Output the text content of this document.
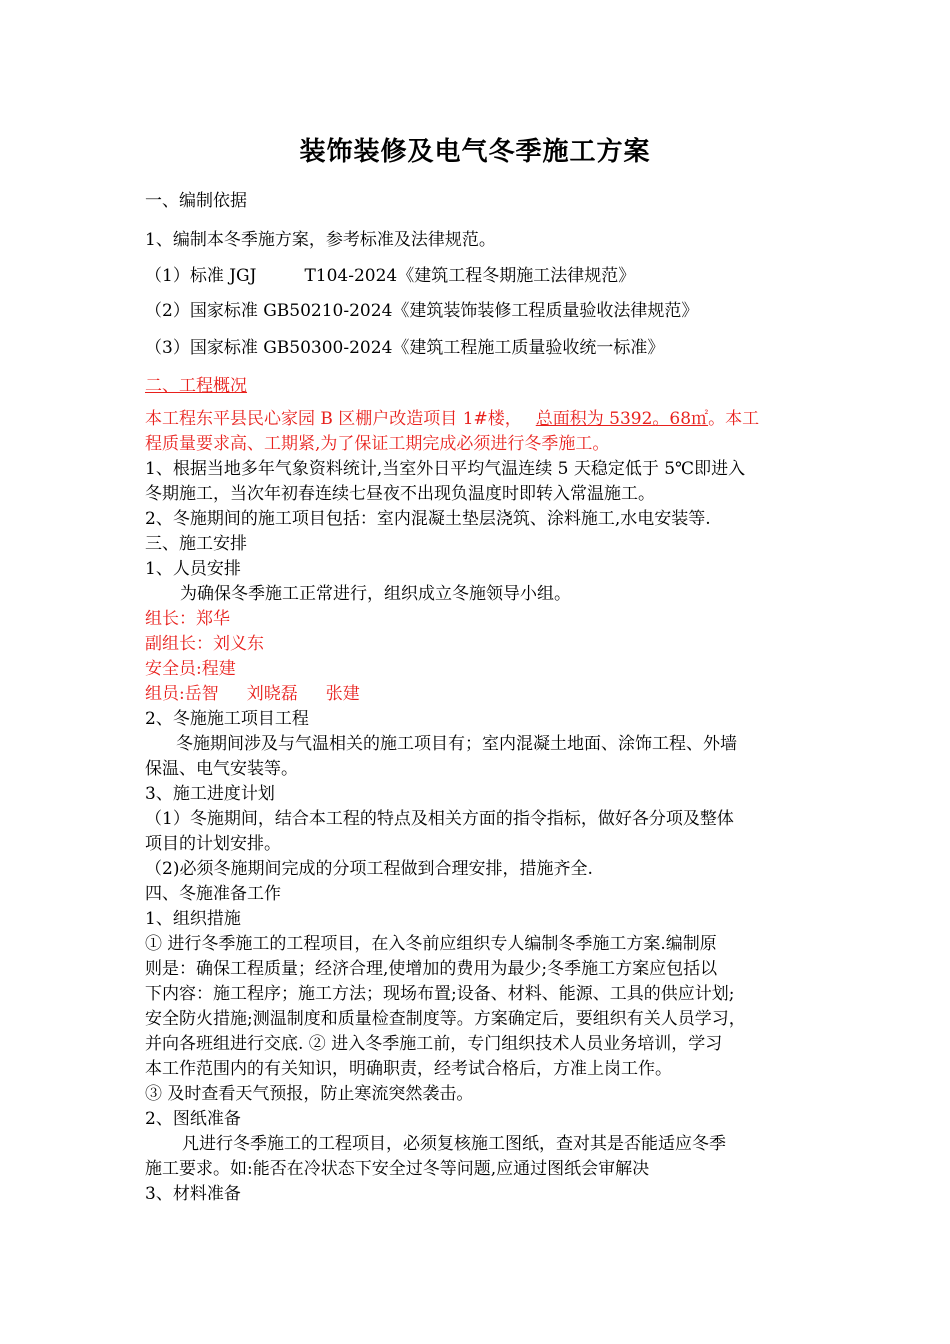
装饰装修及电气冬季施工方案
一、编制依据
1、编制本冬季施方案，参考标准及法律规范。
（1）标准 JGJ	T104-2024《建筑工程冬期施工法律规范》
（2）国家标准 GB50210-2024《建筑装饰装修工程质量验收法律规范》
（3）国家标准 GB50300-2024《建筑工程施工质量验收统一标准》
二、工程概况
本工程东平县民心家园 B 区棚户改造项目 1#楼， 总面积为 5392。68㎡。本工
程质量要求高、工期紧,为了保证工期完成必须进行冬季施工。
1、根据当地多年气象资料统计,当室外日平均气温连续 5 天稳定低于 5℃即进入
冬期施工，当次年初春连续七昼夜不出现负温度时即转入常温施工。
2、冬施期间的施工项目包括：室内混凝土垫层浇筑、涂料施工,水电安装等.
三、施工安排
1、人员安排
为确保冬季施工正常进行，组织成立冬施领导小组。
组长：郑华
副组长：刘义东
安全员:程建
组员:岳智 刘晓磊 张建
2、冬施施工项目工程
冬施期间涉及与气温相关的施工项目有；室内混凝土地面、涂饰工程、外墙
保温、电气安装等。
3、施工进度计划
（1）冬施期间，结合本工程的特点及相关方面的指令指标，做好各分项及整体
项目的计划安排。
（2)必须冬施期间完成的分项工程做到合理安排，措施齐全.
四、冬施准备工作
1、组织措施
① 进行冬季施工的工程项目，在入冬前应组织专人编制冬季施工方案.编制原
则是：确保工程质量；经济合理,使增加的费用为最少;冬季施工方案应包括以
下内容：施工程序；施工方法；现场布置;设备、材料、能源、工具的供应计划;
安全防火措施;测温制度和质量检查制度等。方案确定后，要组织有关人员学习，
并向各班组进行交底. ② 进入冬季施工前，专门组织技术人员业务培训，学习
本工作范围内的有关知识，明确职责，经考试合格后，方准上岗工作。
③ 及时查看天气预报，防止寒流突然袭击。
2、图纸准备
凡进行冬季施工的工程项目，必须复核施工图纸，查对其是否能适应冬季
施工要求。如:能否在冷状态下安全过冬等问题,应通过图纸会审解决
3、材料准备
